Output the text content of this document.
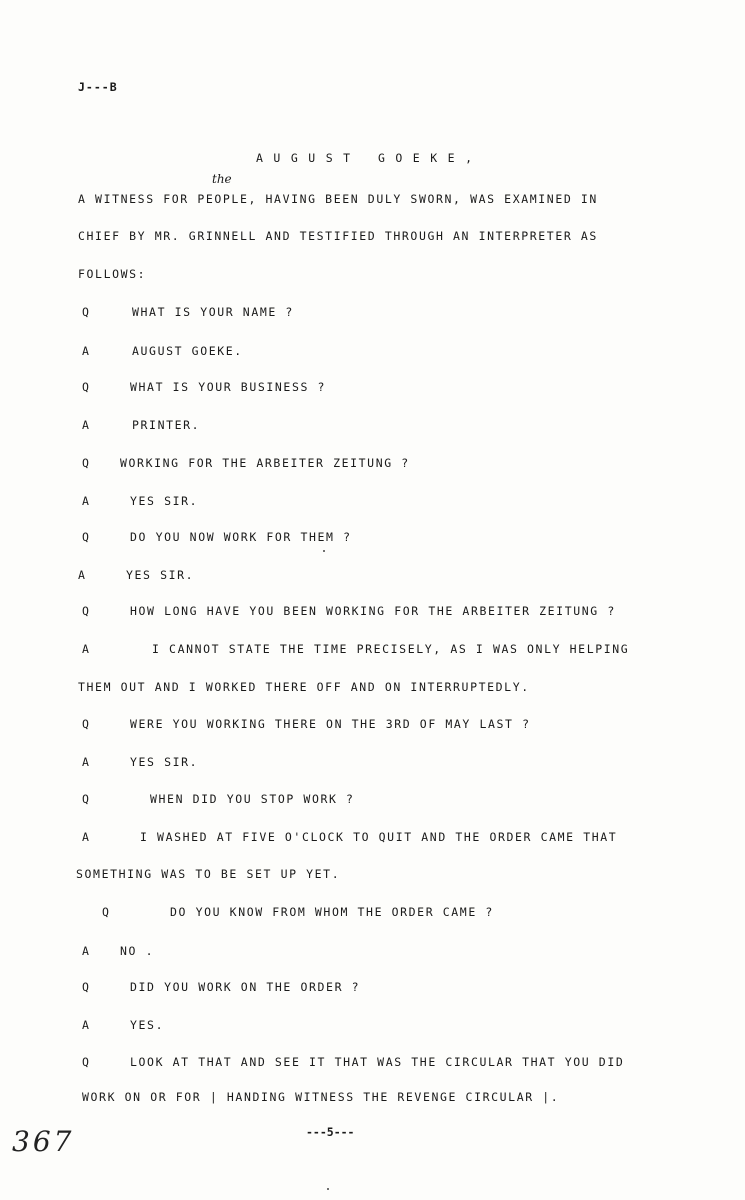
J---B
AUGUST GOEKE,
the
A WITNESS FOR PEOPLE, HAVING BEEN DULY SWORN, WAS EXAMINED IN
CHIEF BY MR. GRINNELL AND TESTIFIED THROUGH AN INTERPRETER AS
FOLLOWS:
Q	WHAT IS YOUR NAME ?
A	AUGUST GOEKE.
Q	WHAT IS YOUR BUSINESS ?
A	PRINTER.
Q	WORKING FOR THE ARBEITER ZEITUNG ?
A	YES SIR.
Q	DO YOU NOW WORK FOR THEM ?
A	YES SIR.
Q	HOW LONG HAVE YOU BEEN WORKING FOR THE ARBEITER ZEITUNG ?
A	I CANNOT STATE THE TIME PRECISELY, AS I WAS ONLY HELPING
THEM OUT AND I WORKED THERE OFF AND ON INTERRUPTEDLY.
Q	WERE YOU WORKING THERE ON THE 3RD OF MAY LAST ?
A	YES SIR.
Q	WHEN DID YOU STOP WORK ?
A	I WASHED AT FIVE O'CLOCK TO QUIT AND THE ORDER CAME THAT
SOMETHING WAS TO BE SET UP YET.
Q	DO YOU KNOW FROM WHOM THE ORDER CAME ?
A	NO .
Q	DID YOU WORK ON THE ORDER ?
A	YES.
Q	LOOK AT THAT AND SEE IT THAT WAS THE CIRCULAR THAT YOU DID
WORK ON OR FOR | HANDING WITNESS THE REVENGE CIRCULAR |.
---5---
367
